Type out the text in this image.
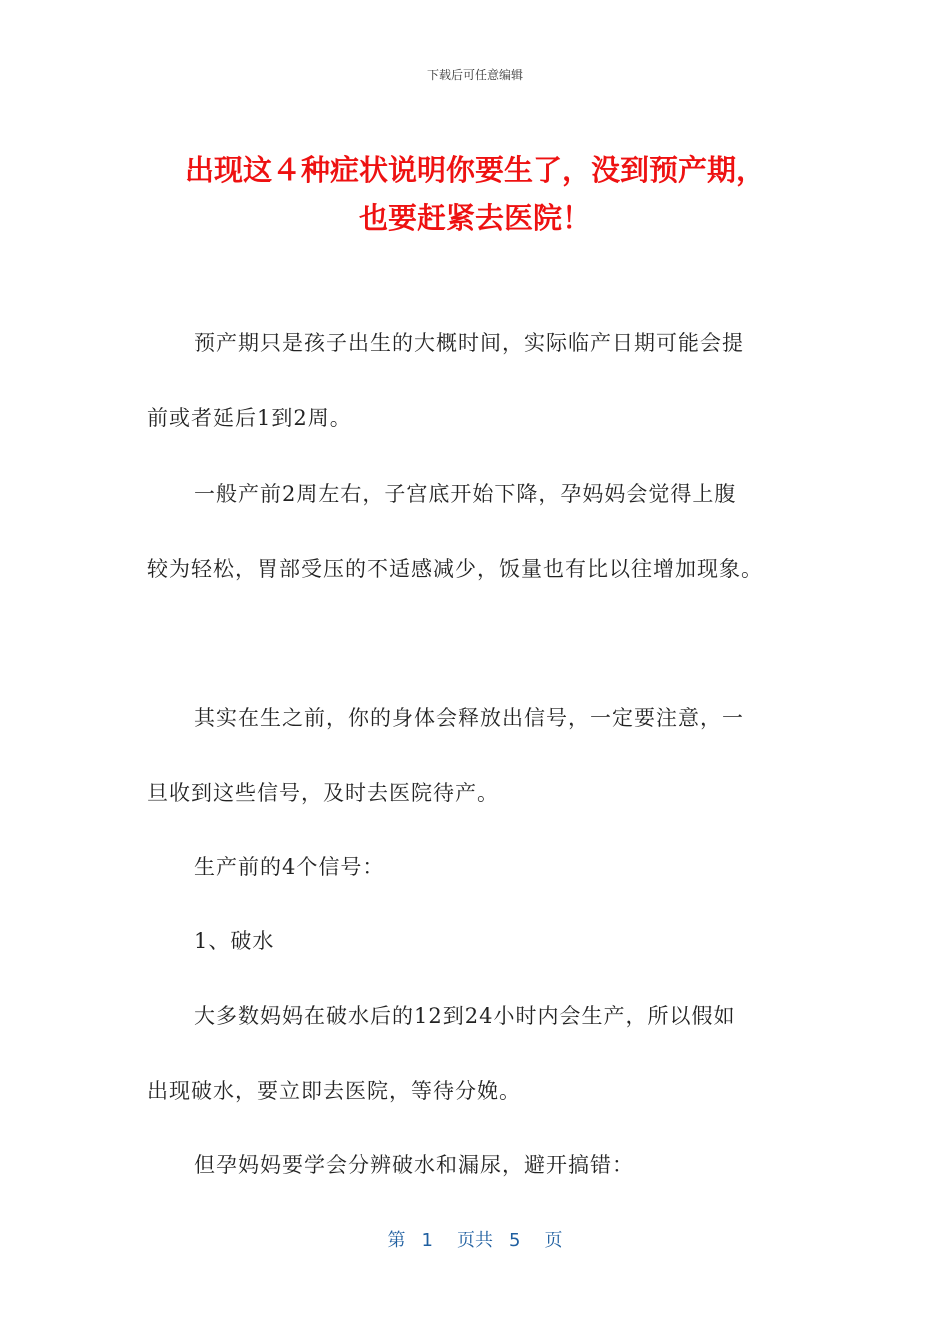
下载后可任意编辑
出现这４种症状说明你要生了，没到预产期，
也要赶紧去医院！

预产期只是孩子出生的大概时间，实际临产日期可能会提
前或者延后1到2周。

一般产前2周左右，子宫底开始下降，孕妈妈会觉得上腹
较为轻松，胃部受压的不适感减少，饭量也有比以往增加现象。

其实在生之前，你的身体会释放出信号，一定要注意，一
旦收到这些信号，及时去医院待产。

生产前的4个信号：

1、破水

大多数妈妈在破水后的12到24小时内会生产，所以假如
出现破水，要立即去医院，等待分娩。

但孕妈妈要学会分辨破水和漏尿，避开搞错：

第 1 页共 5 页
